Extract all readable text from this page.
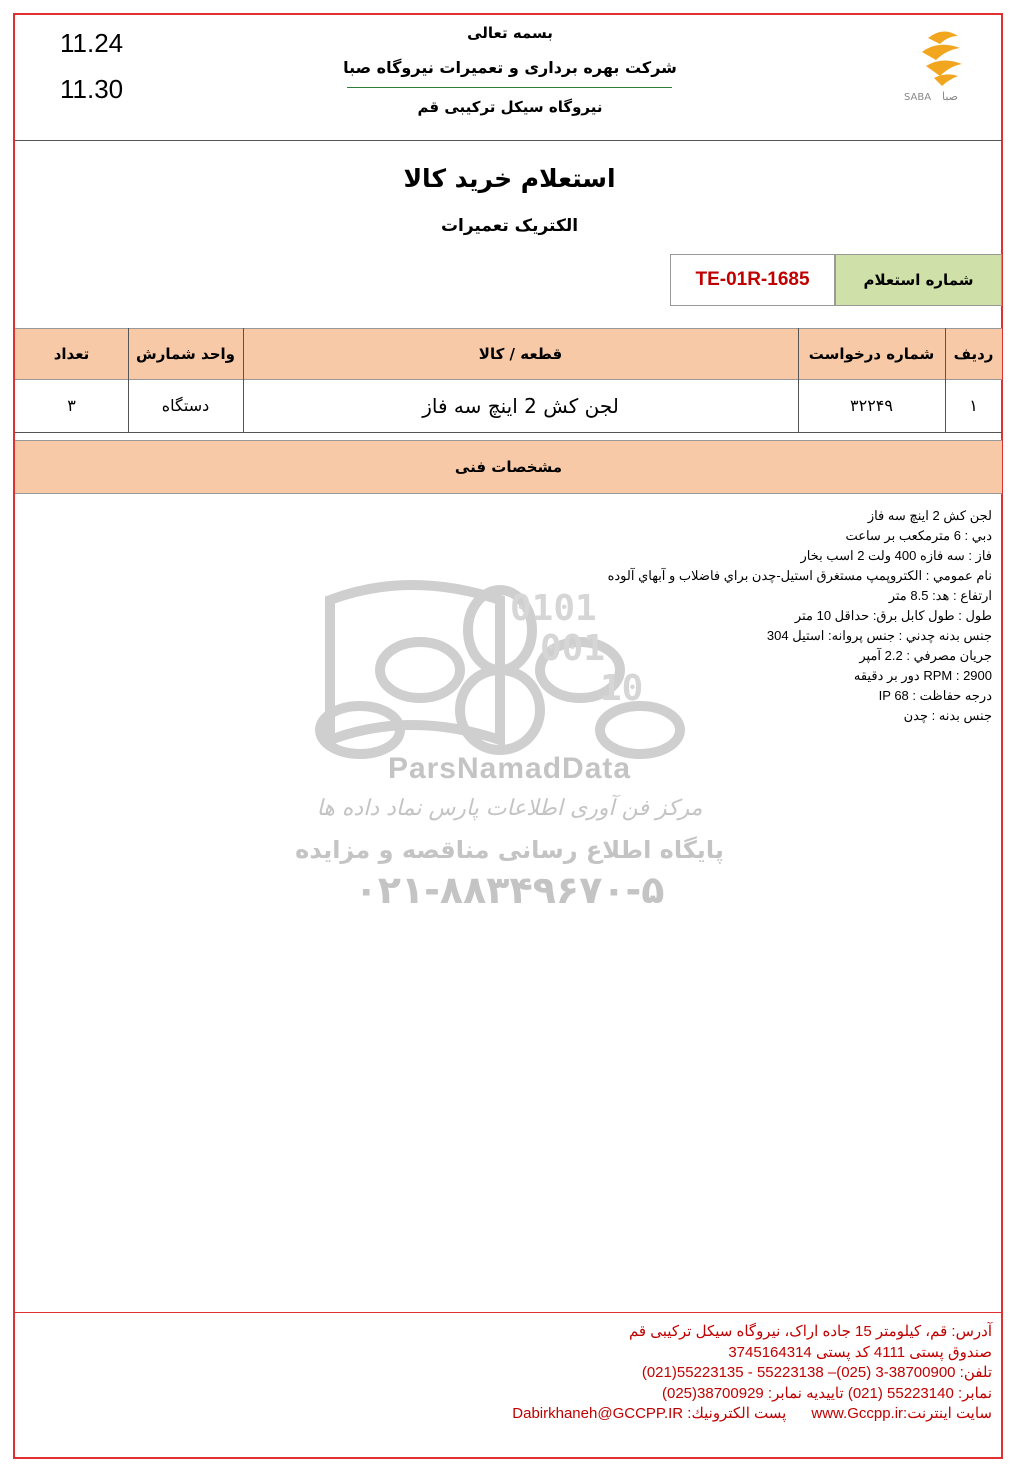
11.24
11.30
بسمه تعالی
شرکت بهره برداری و تعمیرات نیروگاه صبا
نیروگاه سیکل ترکیبی قم
SABA صبا
استعلام خرید کالا
الکتریک تعمیرات
شماره استعلام
TE-01R-1685
ردیف
شماره درخواست
قطعه / کالا
واحد شمارش
تعداد
۱
۳۲۲۴۹
لجن کش 2 اینچ سه فاز
دستگاه
۳
مشخصات فنی
0101
001
10
ParsNamadData
مرکز فن آوری اطلاعات پارس نماد داده ها
پایگاه اطلاع رسانی مناقصه و مزایده
۰۲۱-۸۸۳۴۹۶۷۰-۵
لجن کش 2 اینچ سه فاز
دبي : 6 مترمكعب بر ساعت
فاز : سه فازه 400 ولت 2 اسب بخار
نام عمومي : الكتروپمپ مستغرق استيل-چدن براي فاضلاب و آبهاي آلوده
ارتفاع : هد: 8.5 متر
طول : طول كابل برق: حداقل 10 متر
جنس بدنه چدني : جنس پروانه: استيل 304
جريان مصرفي : 2.2 آمپر
2900 : RPM دور بر دقيقه
درجه حفاظت : IP 68
جنس بدنه : چدن
آدرس: قم، کیلومتر 15 جاده اراک، نیروگاه سیکل ترکیبی قم
صندوق پستی 4111 کد پستی 3745164314
تلفن: 38700900-3 (025)– 55223138 - 55223135(021)
نمابر: 55223140 (021) تاییدیه نمابر: 38700929(025)
سایت اینترنت:www.Gccpp.ir      پست الکترونیك: Dabirkhaneh@GCCPP.IR
